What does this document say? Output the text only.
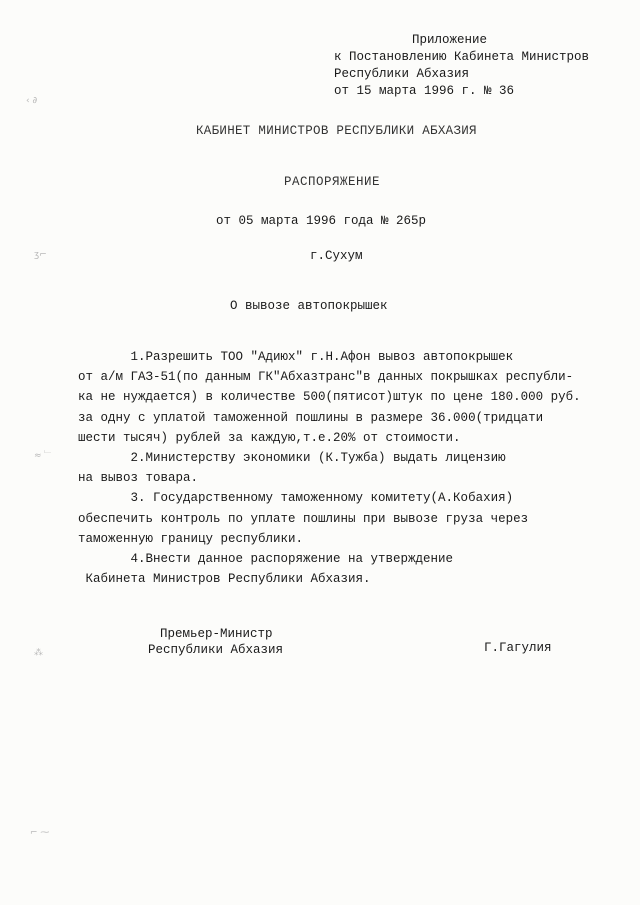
Приложение
к Постановлению Кабинета Министров
Республики Абхазия
от 15 марта 1996 г. № 36
КАБИНЕТ МИНИСТРОВ РЕСПУБЛИКИ АБХАЗИЯ
РАСПОРЯЖЕНИЕ
от 05 марта 1996 года № 265р
г.Сухум
О вывозе автопокрышек
1.Разрешить ТОО "Адиюх" г.Н.Афон вывоз автопокрышек
от а/м ГАЗ-51(по данным ГК"Абхазтранс"в данных покрышках республи-
ка не нуждается) в количестве 500(пятисот)штук по цене 180.000 руб.
за одну с уплатой таможенной пошлины в размере 36.000(тридцати
шести тысяч) рублей за каждую,т.е.20% от стоимости.
2.Министерству экономики (К.Тужба) выдать лицензию
на вывоз товара.
3. Государственному таможенному комитету(А.Кобахия)
обеспечить контроль по уплате пошлины при вывозе груза через
таможенную границу республики.
4.Внести данное распоряжение на утверждение
Кабинета Министров Республики Абхазия.
Премьер-Министр
Республики Абхазия	Г.Гагулия
‹ ∂
ʒ⌐
≈ ﹂
⁂
⌐ ⁓
